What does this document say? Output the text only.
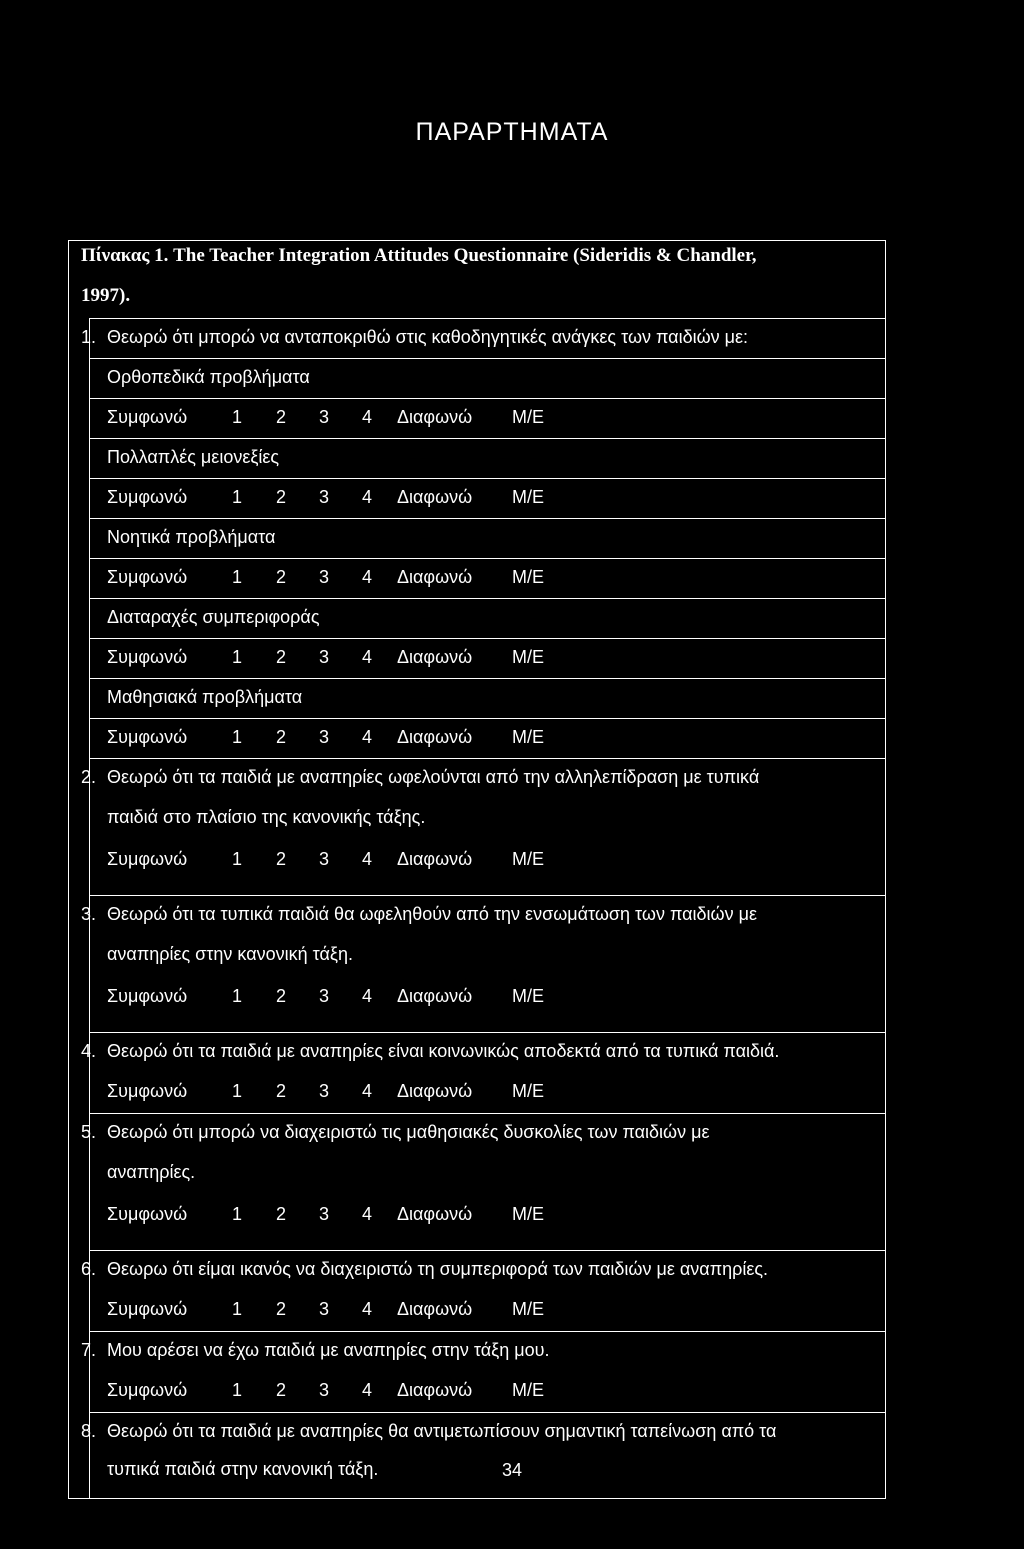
ΠΑΡΑΡΤΗΜΑΤΑ
Πίνακας 1. The Teacher Integration Attitudes Questionnaire (Sideridis & Chandler,
1997).
1. Θεωρώ ότι μπορώ να ανταποκριθώ στις καθοδηγητικές ανάγκες των παιδιών με:
Ορθοπεδικά προβλήματα
Συμφωνώ 1 2 3 4 Διαφωνώ Μ/Ε
Πολλαπλές μειονεξίες
Συμφωνώ 1 2 3 4 Διαφωνώ Μ/Ε
Νοητικά προβλήματα
Συμφωνώ 1 2 3 4 Διαφωνώ Μ/Ε
Διαταραχές συμπεριφοράς
Συμφωνώ 1 2 3 4 Διαφωνώ Μ/Ε
Μαθησιακά προβλήματα
Συμφωνώ 1 2 3 4 Διαφωνώ Μ/Ε
2. Θεωρώ ότι τα παιδιά με αναπηρίες ωφελούνται από την αλληλεπίδραση με τυπικά
παιδιά στο πλαίσιο της κανονικής τάξης.
Συμφωνώ 1 2 3 4 Διαφωνώ Μ/Ε
3. Θεωρώ ότι τα τυπικά παιδιά θα ωφεληθούν από την ενσωμάτωση των παιδιών με
αναπηρίες στην κανονική τάξη.
Συμφωνώ 1 2 3 4 Διαφωνώ Μ/Ε
4. Θεωρώ ότι τα παιδιά με αναπηρίες είναι κοινωνικώς αποδεκτά από τα τυπικά παιδιά.
Συμφωνώ 1 2 3 4 Διαφωνώ Μ/Ε
5. Θεωρώ ότι μπορώ να διαχειριστώ τις μαθησιακές δυσκολίες των παιδιών με
αναπηρίες.
Συμφωνώ 1 2 3 4 Διαφωνώ Μ/Ε
6. Θεωρω ότι είμαι ικανός να διαχειριστώ τη συμπεριφορά των παιδιών με αναπηρίες.
Συμφωνώ 1 2 3 4 Διαφωνώ Μ/Ε
7. Μου αρέσει να έχω παιδιά με αναπηρίες στην τάξη μου.
Συμφωνώ 1 2 3 4 Διαφωνώ Μ/Ε
8. Θεωρώ ότι τα παιδιά με αναπηρίες θα αντιμετωπίσουν σημαντική ταπείνωση από τα
τυπικά παιδιά στην κανονική τάξη.	34
